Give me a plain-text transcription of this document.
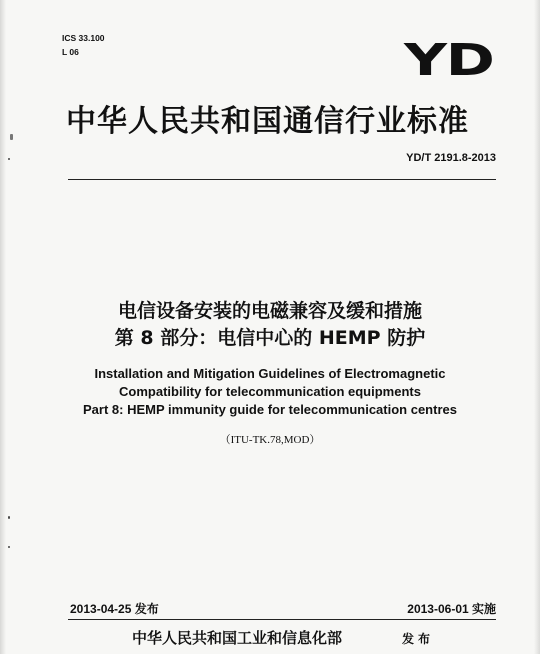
ICS 33.100
L 06	YD
中华人民共和国通信行业标准
YD/T 2191.8-2013
电信设备安装的电磁兼容及缓和措施
第 8 部分：电信中心的 HEMP 防护
Installation and Mitigation Guidelines of Electromagnetic
Compatibility for telecommunication equipments
Part 8: HEMP immunity guide for telecommunication centres
（ITU-TK.78,MOD）
2013-04-25 发布	2013-06-01 实施
中华人民共和国工业和信息化部	发布
